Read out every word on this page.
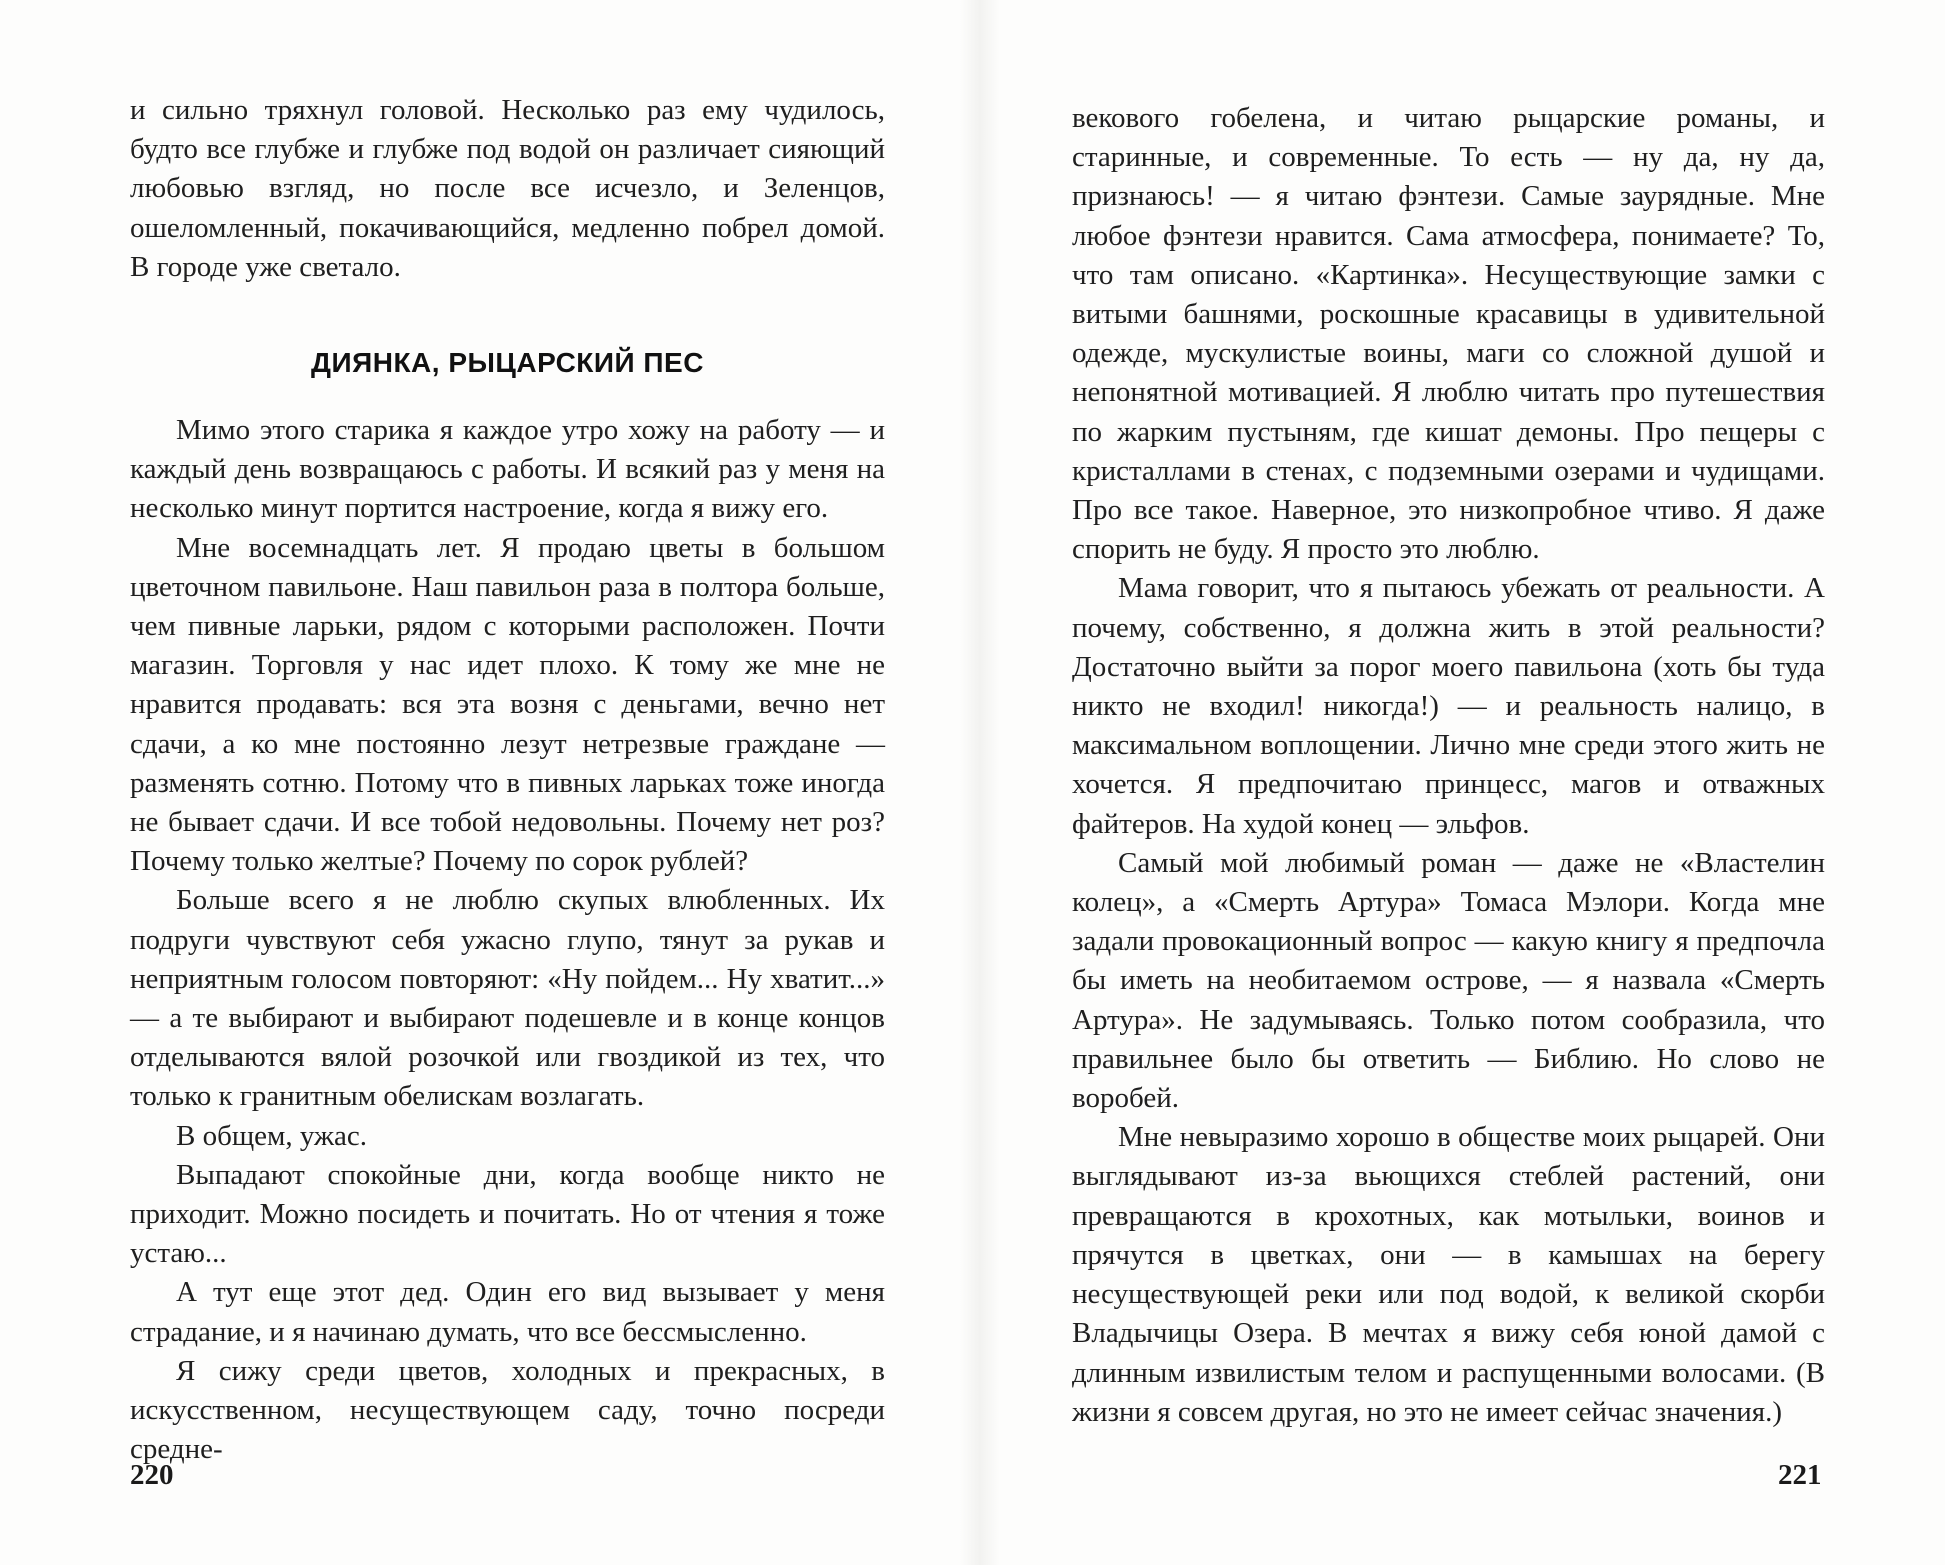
и сильно тряхнул головой. Несколько раз ему чудилось, будто все глубже и глубже под водой он различает сияющий любовью взгляд, но после все исчезло, и Зеленцов, ошеломленный, покачивающийся, медленно побрел домой. В городе уже светало.

ДИЯНКА, РЫЦАРСКИЙ ПЕС

Мимо этого старика я каждое утро хожу на работу — и каждый день возвращаюсь с работы. И всякий раз у меня на несколько минут портится настроение, когда я вижу его.

Мне восемнадцать лет. Я продаю цветы в большом цветочном павильоне. Наш павильон раза в полтора больше, чем пивные ларьки, рядом с которыми расположен. Почти магазин. Торговля у нас идет плохо. К тому же мне не нравится продавать: вся эта возня с деньгами, вечно нет сдачи, а ко мне постоянно лезут нетрезвые граждане — разменять сотню. Потому что в пивных ларьках тоже иногда не бывает сдачи. И все тобой недовольны. Почему нет роз? Почему только желтые? Почему по сорок рублей?

Больше всего я не люблю скупых влюбленных. Их подруги чувствуют себя ужасно глупо, тянут за рукав и неприятным голосом повторяют: «Ну пойдем... Ну хватит...» — а те выбирают и выбирают подешевле и в конце концов отделываются вялой розочкой или гвоздикой из тех, что только к гранитным обелискам возлагать.

В общем, ужас.

Выпадают спокойные дни, когда вообще никто не приходит. Можно посидеть и почитать. Но от чтения я тоже устаю...

А тут еще этот дед. Один его вид вызывает у меня страдание, и я начинаю думать, что все бессмысленно.

Я сижу среди цветов, холодных и прекрасных, в искусственном, несуществующем саду, точно посреди средне-

220

векового гобелена, и читаю рыцарские романы, и старинные, и современные. То есть — ну да, ну да, признаюсь! — я читаю фэнтези. Самые заурядные. Мне любое фэнтези нравится. Сама атмосфера, понимаете? То, что там описано. «Картинка». Несуществующие замки с витыми башнями, роскошные красавицы в удивительной одежде, мускулистые воины, маги со сложной душой и непонятной мотивацией. Я люблю читать про путешествия по жарким пустыням, где кишат демоны. Про пещеры с кристаллами в стенах, с подземными озерами и чудищами. Про все такое. Наверное, это низкопробное чтиво. Я даже спорить не буду. Я просто это люблю.

Мама говорит, что я пытаюсь убежать от реальности. А почему, собственно, я должна жить в этой реальности? Достаточно выйти за порог моего павильона (хоть бы туда никто не входил! никогда!) — и реальность налицо, в максимальном воплощении. Лично мне среди этого жить не хочется. Я предпочитаю принцесс, магов и отважных файтеров. На худой конец — эльфов.

Самый мой любимый роман — даже не «Властелин колец», а «Смерть Артура» Томаса Мэлори. Когда мне задали провокационный вопрос — какую книгу я предпочла бы иметь на необитаемом острове, — я назвала «Смерть Артура». Не задумываясь. Только потом сообразила, что правильнее было бы ответить — Библию. Но слово не воробей.

Мне невыразимо хорошо в обществе моих рыцарей. Они выглядывают из-за вьющихся стеблей растений, они превращаются в крохотных, как мотыльки, воинов и прячутся в цветках, они — в камышах на берегу несуществующей реки или под водой, к великой скорби Владычицы Озера. В мечтах я вижу себя юной дамой с длинным извилистым телом и распущенными волосами. (В жизни я совсем другая, но это не имеет сейчас значения.)

221
